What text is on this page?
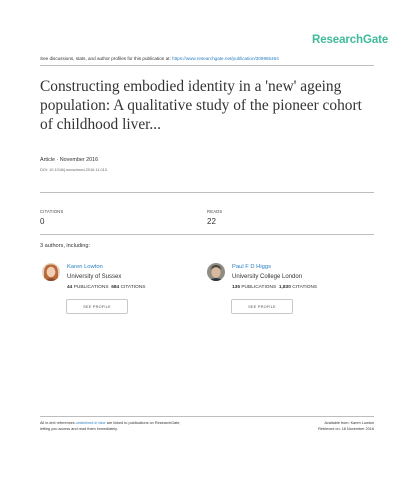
ResearchGate
See discussions, stats, and author profiles for this publication at: https://www.researchgate.net/publication/309965464
Constructing embodied identity in a 'new' ageing population: A qualitative study of the pioneer cohort of childhood liver...
Article · November 2016
DOI: 10.1016/j.socscimed.2016.11.013
CITATIONS
0
READS
22
3 authors, including:
Karen Lowton
University of Sussex
44 PUBLICATIONS 684 CITATIONS
SEE PROFILE
Paul F D Higgs
University College London
135 PUBLICATIONS 1,830 CITATIONS
SEE PROFILE
All in-text references underlined in blue are linked to publications on ResearchGate,
letting you access and read them immediately.
Available from: Karen Lowton
Retrieved on: 18 November 2016
